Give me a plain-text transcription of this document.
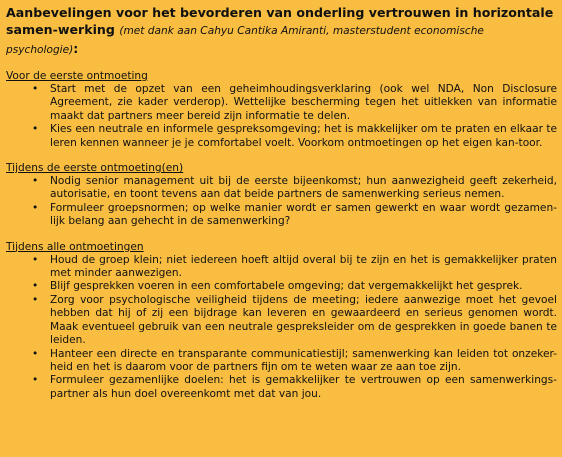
Aanbevelingen voor het bevorderen van onderling vertrouwen in horizontale samen-werking (met dank aan Cahyu Cantika Amiranti, masterstudent economische psychologie):

Voor de eerste ontmoeting
• Start met de opzet van een geheimhoudingsverklaring (ook wel NDA, Non Disclosure Agreement, zie kader verderop). Wettelijke bescherming tegen het uitlekken van informatie maakt dat partners meer bereid zijn informatie te delen.
• Kies een neutrale en informele gespreksomgeving; het is makkelijker om te praten en elkaar te leren kennen wanneer je je comfortabel voelt. Voorkom ontmoetingen op het eigen kan-toor.
Tijdens de eerste ontmoeting(en)
• Nodig senior management uit bij de eerste bijeenkomst; hun aanwezigheid geeft zekerheid, autorisatie, en toont tevens aan dat beide partners de samenwerking serieus nemen.
• Formuleer groepsnormen; op welke manier wordt er samen gewerkt en waar wordt gezamen-lijk belang aan gehecht in de samenwerking?
Tijdens alle ontmoetingen
• Houd de groep klein; niet iedereen hoeft altijd overal bij te zijn en het is gemakkelijker praten met minder aanwezigen.
• Blijf gesprekken voeren in een comfortabele omgeving; dat vergemakkelijkt het gesprek.
• Zorg voor psychologische veiligheid tijdens de meeting; iedere aanwezige moet het gevoel hebben dat hij of zij een bijdrage kan leveren en gewaardeerd en serieus genomen wordt. Maak eventueel gebruik van een neutrale gespreksleider om de gesprekken in goede banen te leiden.
• Hanteer een directe en transparante communicatiestijl; samenwerking kan leiden tot onzeker-heid en het is daarom voor de partners fijn om te weten waar ze aan toe zijn.
• Formuleer gezamenlijke doelen: het is gemakkelijker te vertrouwen op een samenwerkings-partner als hun doel overeenkomt met dat van jou.
